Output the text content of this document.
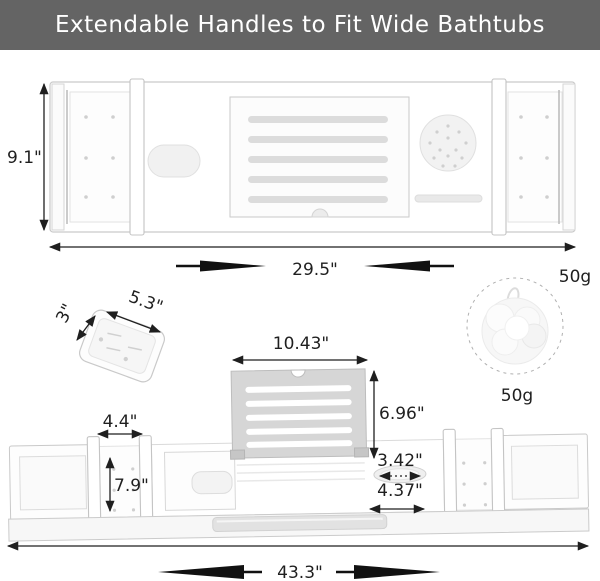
Extendable Handles to Fit Wide Bathtubs
9.1"
29.5"	50g
3"	5.3"
50g
4.4"
7.9"
10.43"
6.96"
3.42"
4.37"
43.3"
